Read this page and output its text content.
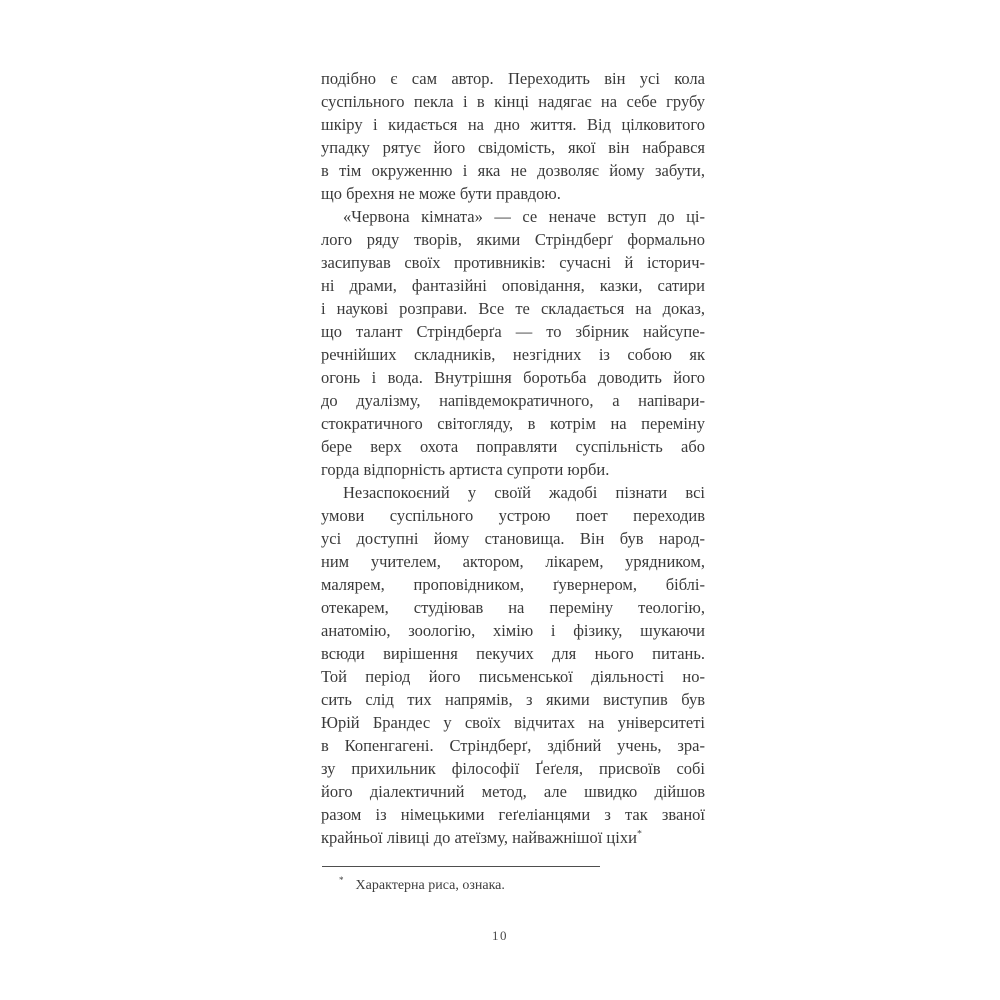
подібно є сам автор. Переходить він усі кола
суспільного пекла і в кінці надягає на себе грубу
шкіру і кидається на дно життя. Від цілковитого
упадку рятує його свідомість, якої він набрався
в тім окруженню і яка не дозволяє йому забути,
що брехня не може бути правдою.
«Червона кімната» — се неначе вступ до ці-
лого ряду творів, якими Стріндберґ формально
засипував своїх противників: сучасні й історич-
ні драми, фантазійні оповідання, казки, сатири
і наукові розправи. Все те складається на доказ,
що талант Стріндберґа — то збірник найсупе-
речнійших складників, незгідних із собою як
огонь і вода. Внутрішня боротьба доводить його
до дуалізму, напівдемократичного, а напівари-
стократичного світогляду, в котрім на переміну
бере верх охота поправляти суспільність або
горда відпорність артиста супроти юрби.
Незаспокоєний у своїй жадобі пізнати всі
умови суспільного устрою поет переходив
усі доступні йому становища. Він був народ-
ним учителем, актором, лікарем, урядником,
малярем, проповідником, ґувернером, біблі-
отекарем, студіював на переміну теологію,
анатомію, зоологію, хімію і фізику, шукаючи
всюди вирішення пекучих для нього питань.
Той період його письменської діяльності но-
сить слід тих напрямів, з якими виступив був
Юрій Брандес у своїх відчитах на університеті
в Копенгагені. Стріндберґ, здібний учень, зра-
зу прихильник філософії Ґеґеля, присвоїв собі
його діалектичний метод, але швидко дійшов
разом із німецькими геґеліанцями з так званої
крайньої лівиці до атеїзму, найважнішої ціхи*
* Характерна риса, ознака.
10
